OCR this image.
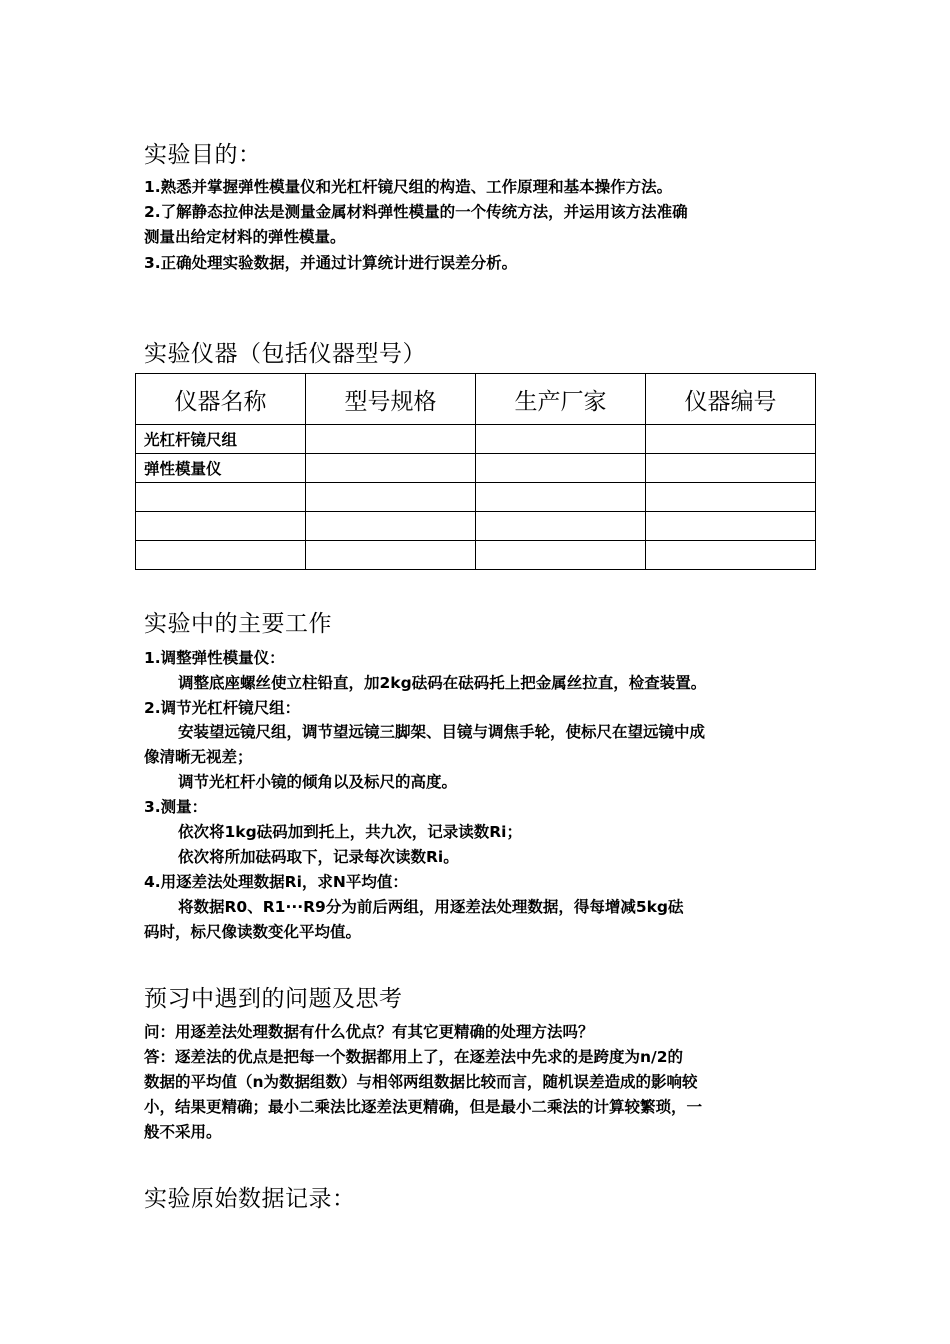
实验目的：
1.熟悉并掌握弹性模量仪和光杠杆镜尺组的构造、工作原理和基本操作方法。
2.了解静态拉伸法是测量金属材料弹性模量的一个传统方法，并运用该方法准确
测量出给定材料的弹性模量。
3.正确处理实验数据，并通过计算统计进行误差分析。
实验仪器（包括仪器型号）
仪器名称	型号规格	生产厂家	仪器编号
光杠杆镜尺组			
弹性模量仪			

实验中的主要工作
1.调整弹性模量仪：
调整底座螺丝使立柱铅直，加2kg砝码在砝码托上把金属丝拉直，检查装置。
2.调节光杠杆镜尺组：
安装望远镜尺组，调节望远镜三脚架、目镜与调焦手轮，使标尺在望远镜中成
像清晰无视差；
调节光杠杆小镜的倾角以及标尺的高度。
3.测量：
依次将1kg砝码加到托上，共九次，记录读数Ri；
依次将所加砝码取下，记录每次读数Ri。
4.用逐差法处理数据Ri，求N平均值：
将数据R0、R1···R9分为前后两组，用逐差法处理数据，得每增减5kg砝
码时，标尺像读数变化平均值。
预习中遇到的问题及思考
问：用逐差法处理数据有什么优点？有其它更精确的处理方法吗？
答：逐差法的优点是把每一个数据都用上了，在逐差法中先求的是跨度为n/2的
数据的平均值（n为数据组数）与相邻两组数据比较而言，随机误差造成的影响较
小，结果更精确；最小二乘法比逐差法更精确，但是最小二乘法的计算较繁琐，一
般不采用。
实验原始数据记录：
